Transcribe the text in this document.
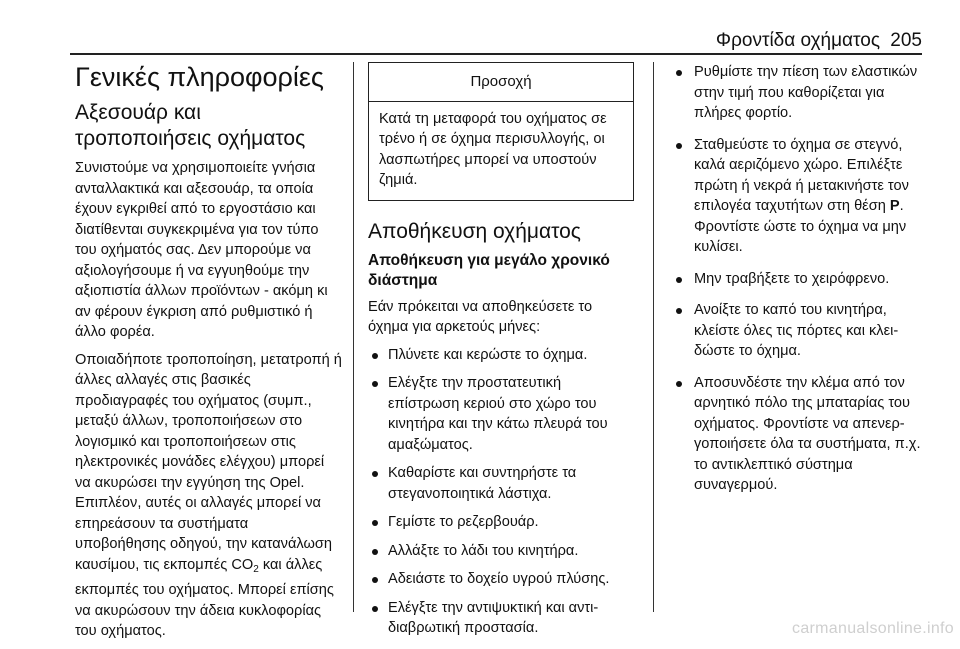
Φροντίδα οχήματος 205
Γενικές πληροφορίες
Αξεσουάρ και τροποποιήσεις οχήματος

Συνιστούμε να χρησιμοποιείτε γνήσια ανταλλακτικά και αξεσουάρ, τα οποία έχουν εγκριθεί από το εργοστάσιο και διατίθενται συγκεκριμένα για τον τύπο του οχήματός σας. Δεν μπορούμε να αξιολογήσουμε ή να εγγυηθούμε την αξιοπιστία άλλων προϊόντων - ακόμη κι αν φέρουν έγκριση από ρυθμιστικό ή άλλο φορέα.

Οποιαδήποτε τροποποίηση, μετατροπή ή άλλες αλλαγές στις βασικές προδιαγραφές του οχήματος (συμπ., μεταξύ άλλων, τροποποιήσεων στο λογισμικό και τροποποιήσεων στις ηλεκτρονικές μονάδες ελέγχου) μπορεί να ακυρώσει την εγγύηση της Opel. Επιπλέον, αυτές οι αλλαγές μπορεί να επηρεάσουν τα συστήματα υποβοήθησης οδηγού, την κατανάλωση καυσίμου, τις εκπομπές $CO_2$ και άλλες εκπομπές του οχήματος. Μπορεί επίσης να ακυρώσουν την άδεια κυκλοφορίας του οχήματος.

Προσοχή
Κατά τη μεταφορά του οχήματος σε τρένο ή σε όχημα περισυλλογής, οι λασπωτήρες μπορεί να υποστούν ζημιά.
Αποθήκευση οχήματος
Αποθήκευση για μεγάλο χρονικό διάστημα

Εάν πρόκειται να αποθηκεύσετε το όχημα για αρκετούς μήνες:

Πλύνετε και κερώστε το όχημα.
Ελέγξτε την προστατευτική επίστρωση κεριού στο χώρο του κινητήρα και την κάτω πλευρά του αμαξώματος.
Καθαρίστε και συντηρήστε τα στεγανοποιητικά λάστιχα.
Γεμίστε το ρεζερβουάρ.
Αλλάξτε το λάδι του κινητήρα.
Αδειάστε το δοχείο υγρού πλύσης.
Ελέγξτε την αντιψυκτική και αντιδιαβρωτική προστασία.
Ρυθμίστε την πίεση των ελαστικών στην τιμή που καθορίζεται για πλήρες φορτίο.
Σταθμεύστε το όχημα σε στεγνό, καλά αεριζόμενο χώρο. Επιλέξτε πρώτη ή νεκρά ή μετακινήστε τον επιλογέα ταχυτήτων στη θέση P. Φροντίστε ώστε το όχημα να μην κυλίσει.
Μην τραβήξετε το χειρόφρενο.
Ανοίξτε το καπό του κινητήρα, κλείστε όλες τις πόρτες και κλειδώστε το όχημα.
Αποσυνδέστε την κλέμα από τον αρνητικό πόλο της μπαταρίας του οχήματος. Φροντίστε να απενεργοποιήσετε όλα τα συστήματα, π.χ. το αντικλεπτικό σύστημα συναγερμού.
carmanualsonline.info
